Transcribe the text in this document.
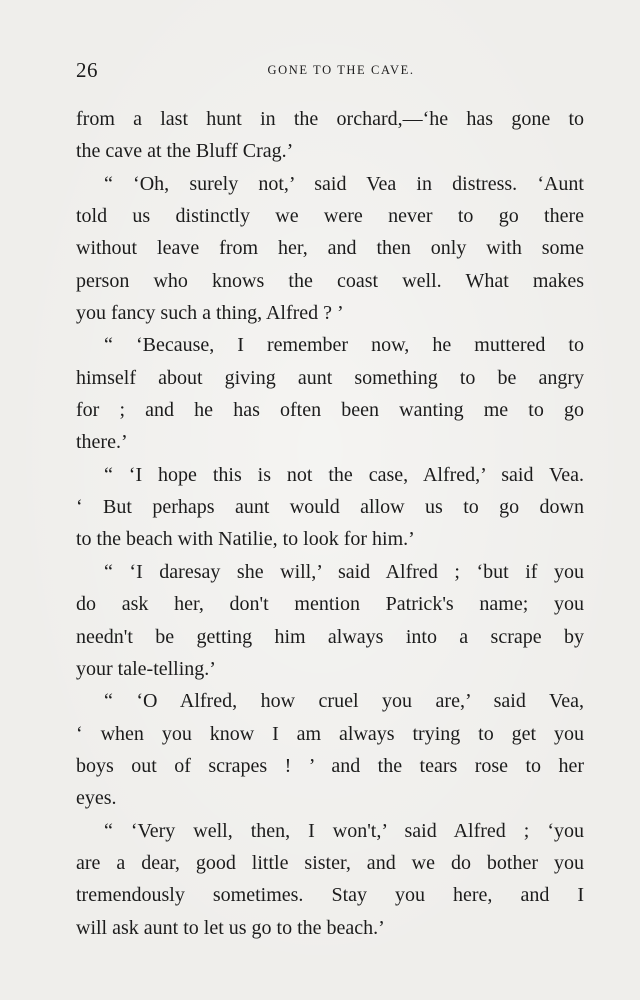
26	GONE TO THE CAVE.
from a last hunt in the orchard,—‘he has gone to
the cave at the Bluff Crag.’
“ ‘Oh, surely not,’ said Vea in distress. ‘Aunt
told us distinctly we were never to go there
without leave from her, and then only with some
person who knows the coast well. What makes
you fancy such a thing, Alfred ? ’
“ ‘Because, I remember now, he muttered to
himself about giving aunt something to be angry
for ; and he has often been wanting me to go
there.’
“ ‘I hope this is not the case, Alfred,’ said Vea.
‘ But perhaps aunt would allow us to go down
to the beach with Natilie, to look for him.’
“ ‘I daresay she will,’ said Alfred ; ‘but if you
do ask her, don't mention Patrick's name; you
needn't be getting him always into a scrape by
your tale-telling.’
“ ‘O Alfred, how cruel you are,’ said Vea,
‘ when you know I am always trying to get you
boys out of scrapes ! ’ and the tears rose to her
eyes.
“ ‘Very well, then, I won't,’ said Alfred ; ‘you
are a dear, good little sister, and we do bother you
tremendously sometimes. Stay you here, and I
will ask aunt to let us go to the beach.’
